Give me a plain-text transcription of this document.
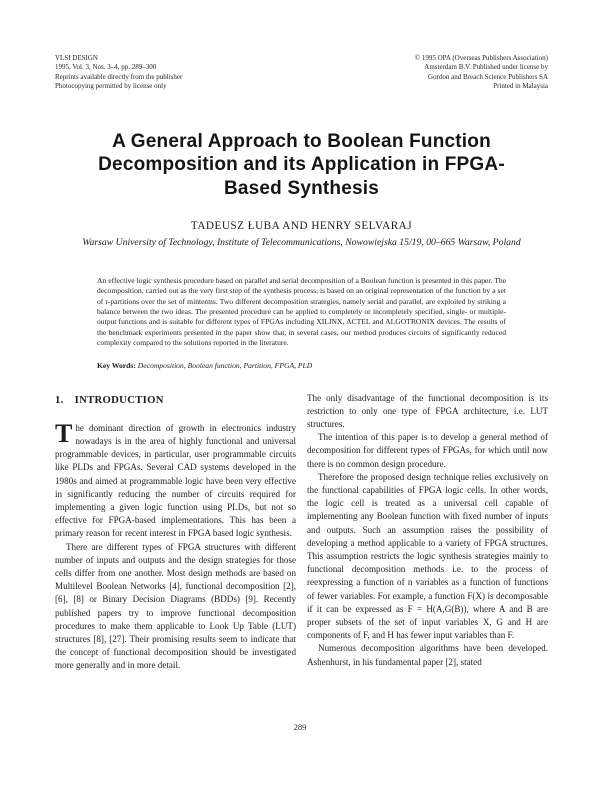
VLSI DESIGN
1995, Vol. 3, Nos. 3–4, pp. 289–300
Reprints available directly from the publisher
Photocopying permitted by license only
© 1995 OPA (Overseas Publishers Association)
Amsterdam B.V. Published under license by
Gordon and Breach Science Publishers SA
Printed in Malaysia
A General Approach to Boolean Function
Decomposition and its Application in FPGA-
Based Synthesis
TADEUSZ ŁUBA AND HENRY SELVARAJ
Warsaw University of Technology, Institute of Telecommunications, Nowowiejska 15/19, 00–665 Warsaw, Poland

An effective logic synthesis procedure based on parallel and serial decomposition of a Boolean function is presented in this paper. The decomposition, carried out as the very first step of the synthesis process, is based on an original representation of the function by a set of r-partitions over the set of minterms. Two different decomposition strategies, namely serial and parallel, are exploited by striking a balance between the two ideas. The presented procedure can be applied to completely or incompletely specified, single- or multiple-output functions and is suitable for different types of FPGAs including XILINX, ACTEL and ALGOTRONIX devices. The results of the benchmark experiments presented in the paper show that, in several cases, our method produces circuits of significantly reduced complexity compared to the solutions reported in the literature.

Key Words: Decomposition, Boolean function, Partition, FPGA, PLD

1. INTRODUCTION

The dominant direction of growth in electronics industry nowadays is in the area of highly functional and universal programmable devices, in particular, user programmable circuits like PLDs and FPGAs. Several CAD systems developed in the 1980s and aimed at programmable logic have been very effective in significantly reducing the number of circuits required for implementing a given logic function using PLDs, but not so effective for FPGA-based implementations. This has been a primary reason for recent interest in FPGA based logic synthesis.

There are different types of FPGA structures with different number of inputs and outputs and the design strategies for those cells differ from one another. Most design methods are based on Multilevel Boolean Networks [4], functional decomposition [2], [6], [8] or Binary Decision Diagrams (BDDs) [9]. Recently published papers try to improve functional decomposition procedures to make them applicable to Look Up Table (LUT) structures [8], [27]. Their promising results seem to indicate that the concept of functional decomposition should be investigated more generally and in more detail.

The only disadvantage of the functional decomposition is its restriction to only one type of FPGA architecture, i.e. LUT structures.

The intention of this paper is to develop a general method of decomposition for different types of FPGAs, for which until now there is no common design procedure.

Therefore the proposed design technique relies exclusively on the functional capabilities of FPGA logic cells. In other words, the logic cell is treated as a universal cell capable of implementing any Boolean function with fixed number of inputs and outputs. Such an assumption raises the possibility of developing a method applicable to a variety of FPGA structures. This assumption restricts the logic synthesis strategies mainly to functional decomposition methods i.e. to the process of reexpressing a function of n variables as a function of functions of fewer variables. For example, a function F(X) is decomposable if it can be expressed as F = H(A,G(B)), where A and B are proper subsets of the set of input variables X, G and H are components of F, and H has fewer input variables than F.

Numerous decomposition algorithms have been developed. Ashenhurst, in his fundamental paper [2], stated

289
